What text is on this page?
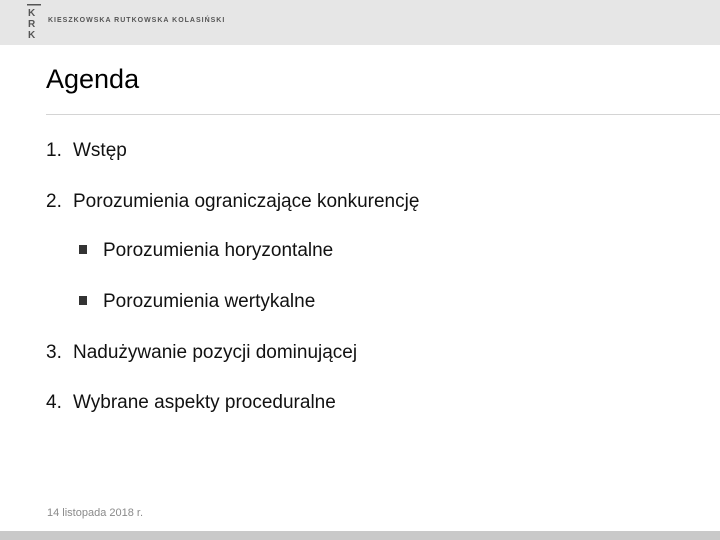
K
R
K
KIESZKOWSKA RUTKOWSKA KOLASIŃSKI
Agenda
1. Wstęp
2. Porozumienia ograniczające konkurencję
Porozumienia horyzontalne
Porozumienia wertykalne
3. Nadużywanie pozycji dominującej
4. Wybrane aspekty proceduralne
14 listopada 2018 r.
